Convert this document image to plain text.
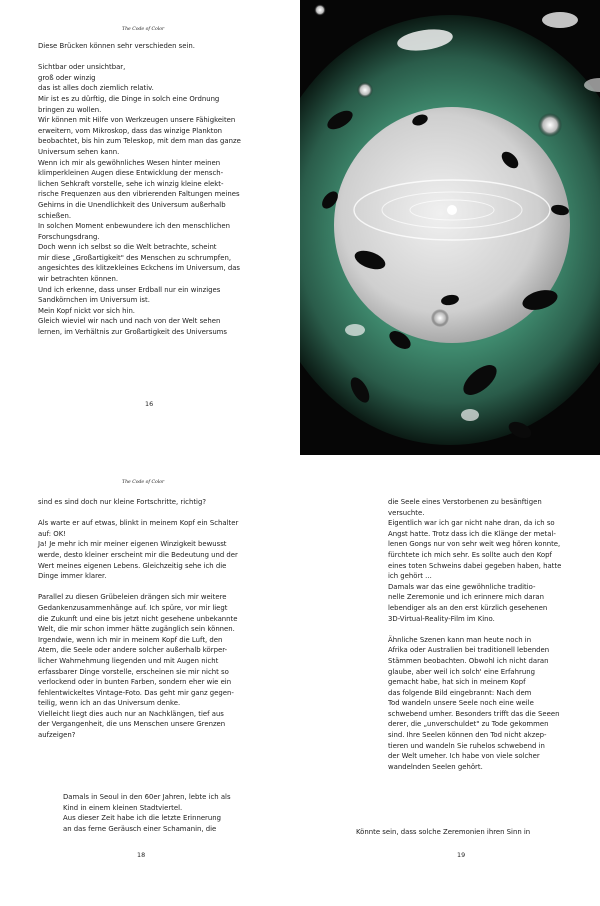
The Code of Color
Diese Brücken können sehr verschieden sein.
Sichtbar oder unsichtbar,
groß oder winzig
das ist alles doch ziemlich relativ.
Mir ist es zu dürftig, die Dinge in solch eine Ordnung
bringen zu wollen.
Wir können mit Hilfe von Werkzeugen unsere Fähigkeiten
erweitern, vom Mikroskop, dass das winzige Plankton
beobachtet, bis hin zum Teleskop, mit dem man das ganze
Universum sehen kann.
Wenn ich mir als gewöhnliches Wesen hinter meinen
klimperkleinen Augen diese Entwicklung der mensch-
lichen Sehkraft vorstelle, sehe ich winzig kleine elekt-
rische Frequenzen aus den vibrierenden Faltungen meines
Gehirns in die Unendlichkeit des Universum außerhalb
schießen.
In solchen Moment enbewundere ich den menschlichen
Forschungsdrang.
Doch wenn ich selbst so die Welt betrachte, scheint
mir diese „Großartigkeit" des Menschen zu schrumpfen,
angesichtes des klitzekleines Eckchens im Universum, das
wir betrachten können.
Und ich erkenne, dass unser Erdball nur ein winziges
Sandkörnchen im Universum ist.
Mein Kopf nickt vor sich hin.
Gleich wieviel wir nach und nach von der Welt sehen
lernen, im Verhältnis zur Großartigkeit des Universums
16
The Code of Color
sind es sind doch nur kleine Fortschritte, richtig?
Als warte er auf etwas, blinkt in meinem Kopf ein Schalter
auf: OK!
Ja! Je mehr ich mir meiner eigenen Winzigkeit bewusst
werde, desto kleiner erscheint mir die Bedeutung und der
Wert meines eigenen Lebens. Gleichzeitig sehe ich die
Dinge immer klarer.
Parallel zu diesen Grübeleien drängen sich mir weitere
Gedankenzusammenhänge auf. Ich spüre, vor mir liegt
die Zukunft und eine bis jetzt nicht gesehene unbekannte
Welt, die mir schon immer hätte zugänglich sein können.
Irgendwie, wenn ich mir in meinem Kopf die Luft, den
Atem, die Seele oder andere solcher außerhalb körper-
licher Wahrnehmung liegenden und mit Augen nicht
erfassbarer Dinge vorstelle, erscheinen sie mir nicht so
verlockend oder in bunten Farben, sondern eher wie ein
fehlentwickeltes Vintage-Foto. Das geht mir ganz gegen-
teilig, wenn ich an das Universum denke.
Vielleicht liegt dies auch nur an Nachklängen, tief aus
der Vergangenheit, die uns Menschen unsere Grenzen
aufzeigen?
Damals in Seoul in den 60er Jahren, lebte ich als
Kind in einem kleinen Stadtviertel.
Aus dieser Zeit habe ich die letzte Erinnerung
an das ferne Geräusch einer Schamanin, die
18
die Seele eines Verstorbenen zu besänftigen
versuchte.
Eigentlich war ich gar nicht nahe dran, da ich so
Angst hatte. Trotz dass ich die Klänge der metal-
lenen Gongs nur von sehr weit weg hören konnte,
fürchtete ich mich sehr. Es sollte auch den Kopf
eines toten Schweins dabei gegeben haben, hatte
ich gehört ...
Damals war das eine gewöhnliche traditio-
nelle Zeremonie und ich erinnere mich daran
lebendiger als an den erst kürzlich gesehenen
3D-Virtual-Reality-Film im Kino.
Ähnliche Szenen kann man heute noch in
Afrika oder Australien bei traditionell lebenden
Stämmen beobachten. Obwohl ich nicht daran
glaube, aber weil ich solch' eine Erfahrung
gemacht habe, hat sich in meinem Kopf
das folgende Bild eingebrannt: Nach dem
Tod wandeln unsere Seele noch eine weile
schwebend umher. Besonders trifft das die Seeen
derer, die „unverschuldet" zu Tode gekommen
sind. Ihre Seelen können den Tod nicht akzep-
tieren und wandeln Sie ruhelos schwebend in
der Welt umeher. Ich habe von viele solcher
wandelnden Seelen gehört.
Könnte sein, dass solche Zeremonien ihren Sinn in
19
